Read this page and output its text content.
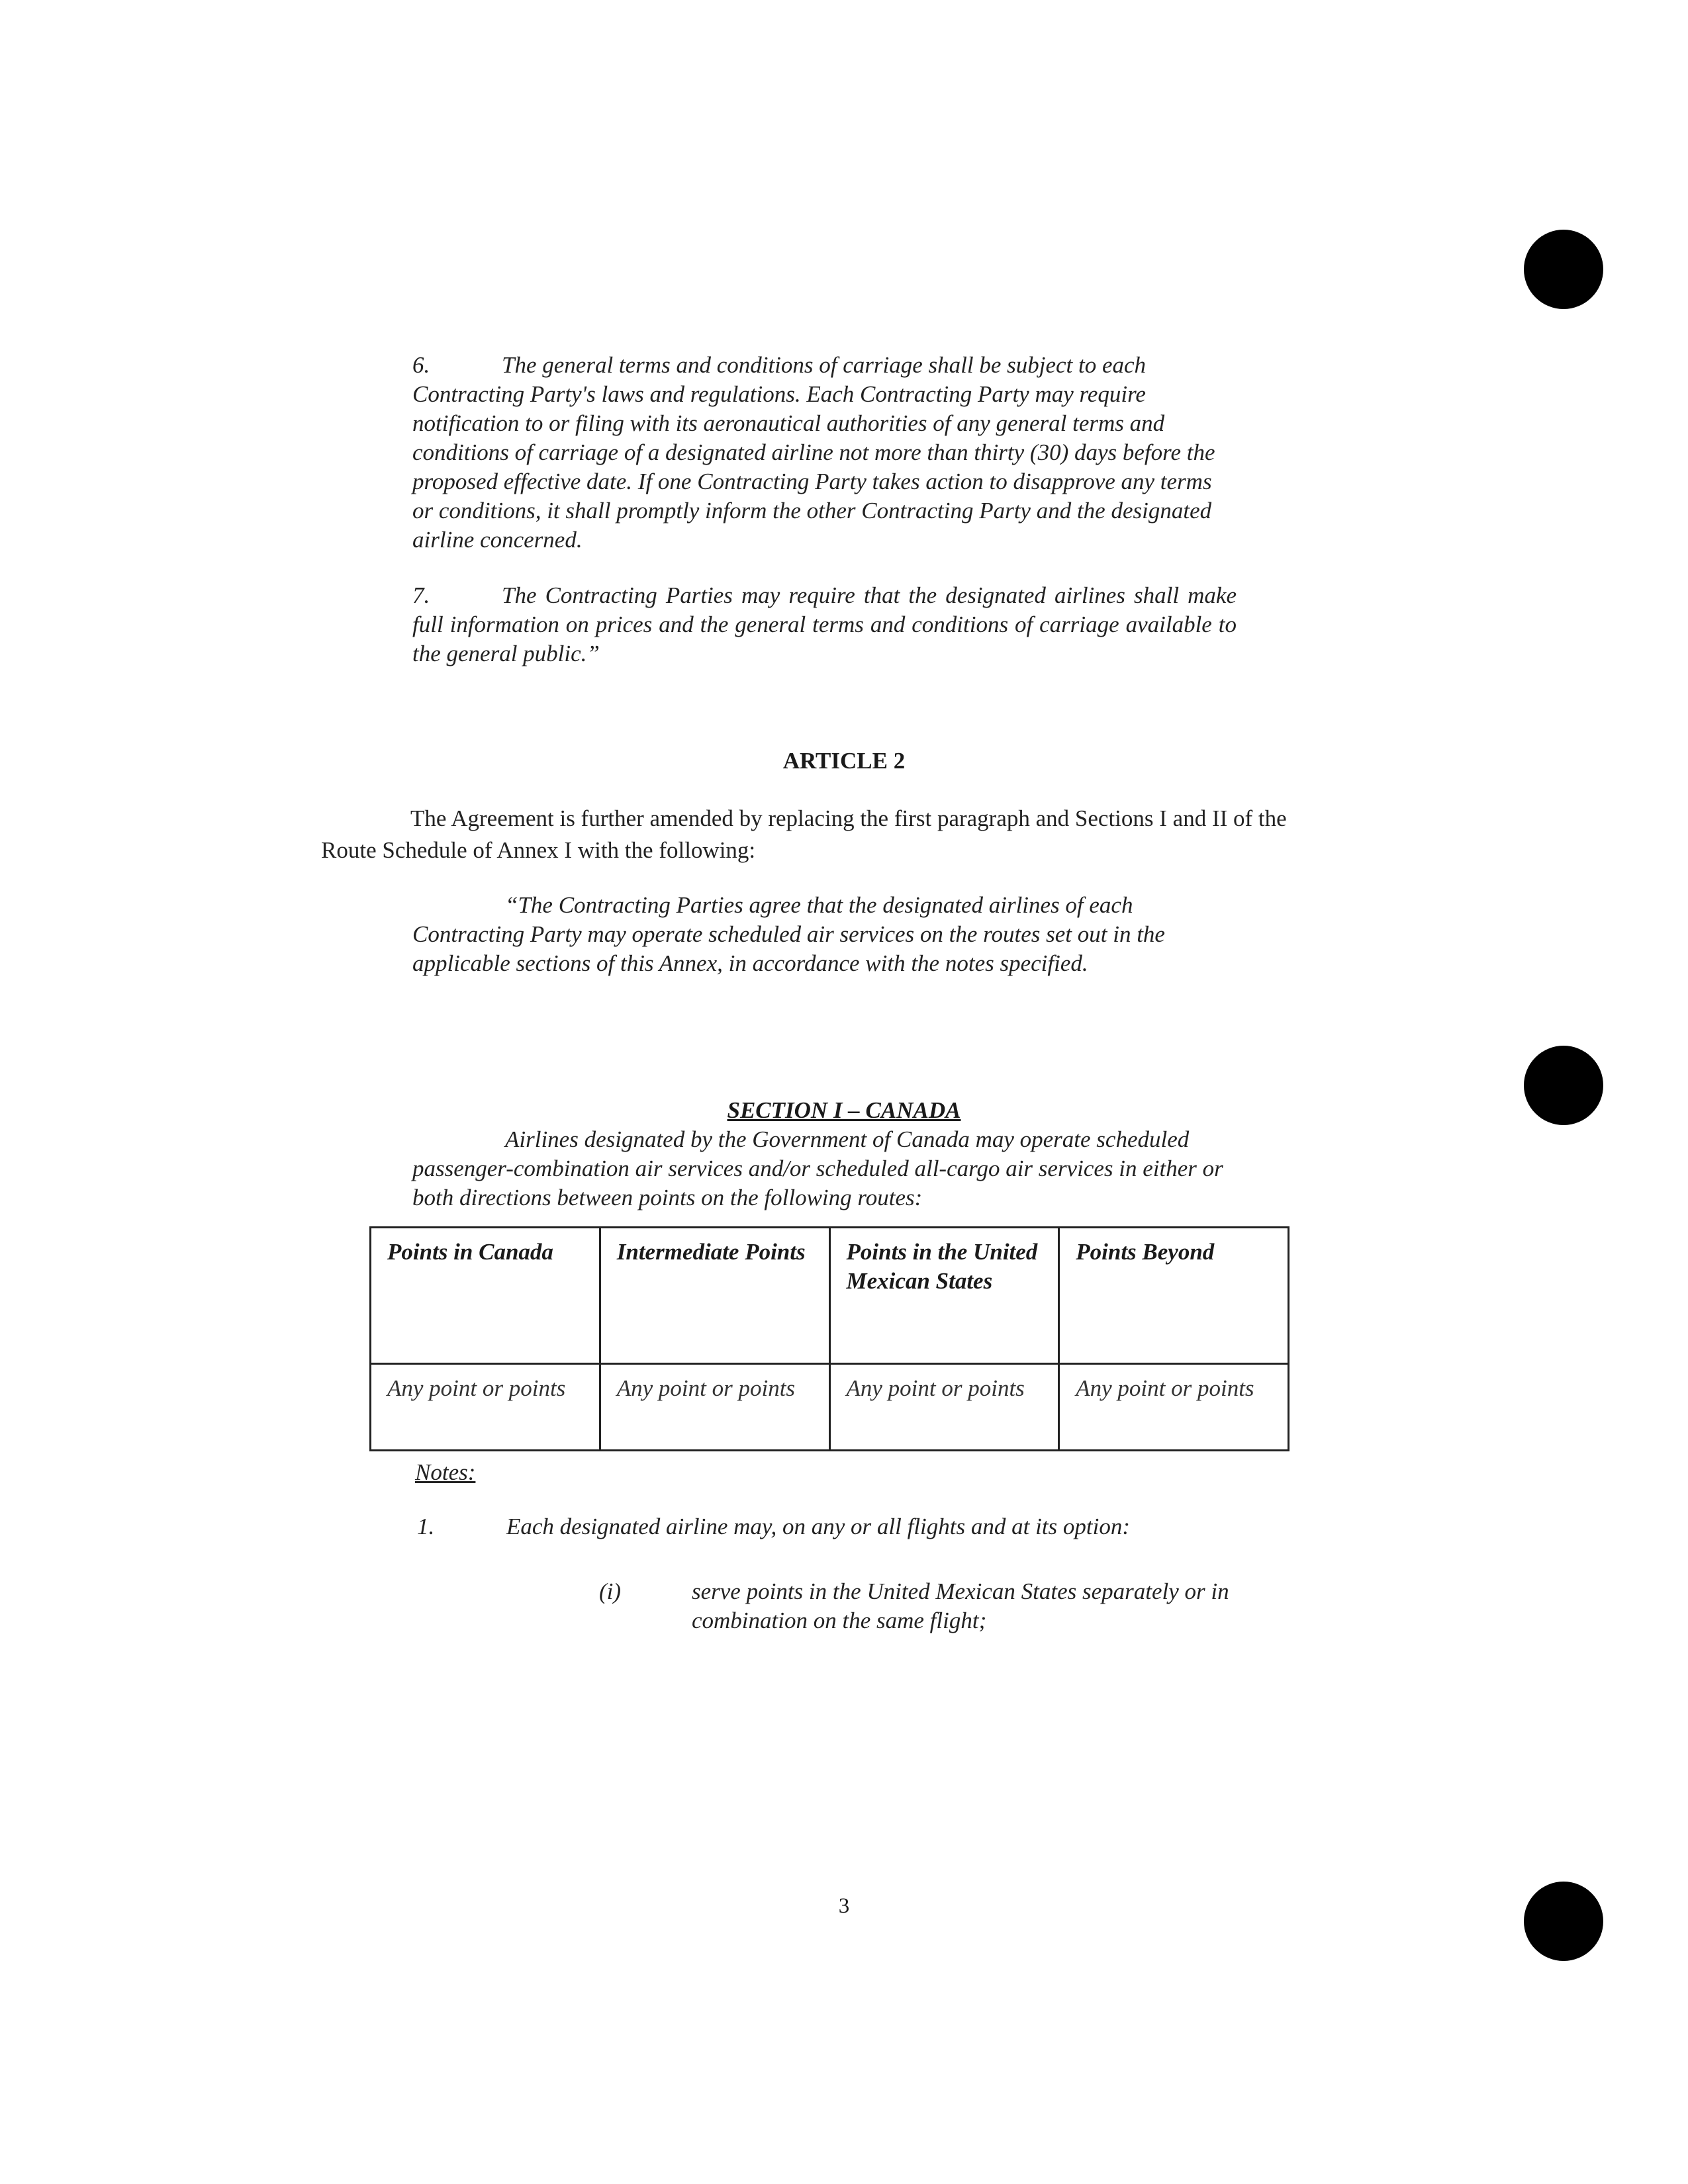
6.	The general terms and conditions of carriage shall be subject to each Contracting Party's laws and regulations. Each Contracting Party may require notification to or filing with its aeronautical authorities of any general terms and conditions of carriage of a designated airline not more than thirty (30) days before the proposed effective date. If one Contracting Party takes action to disapprove any terms or conditions, it shall promptly inform the other Contracting Party and the designated airline concerned.
7.	The Contracting Parties may require that the designated airlines shall make full information on prices and the general terms and conditions of carriage available to the general public.”
ARTICLE 2
The Agreement is further amended by replacing the first paragraph and Sections I and II of the Route Schedule of Annex I with the following:
“The Contracting Parties agree that the designated airlines of each Contracting Party may operate scheduled air services on the routes set out in the applicable sections of this Annex, in accordance with the notes specified.
SECTION I – CANADA
Airlines designated by the Government of Canada may operate scheduled passenger-combination air services and/or scheduled all-cargo air services in either or both directions between points on the following routes:
Points in Canada	Intermediate Points	Points in the United Mexican States	Points Beyond
Any point or points	Any point or points	Any point or points	Any point or points
Notes:
1.	Each designated airline may, on any or all flights and at its option:
(i)	serve points in the United Mexican States separately or in combination on the same flight;
3
